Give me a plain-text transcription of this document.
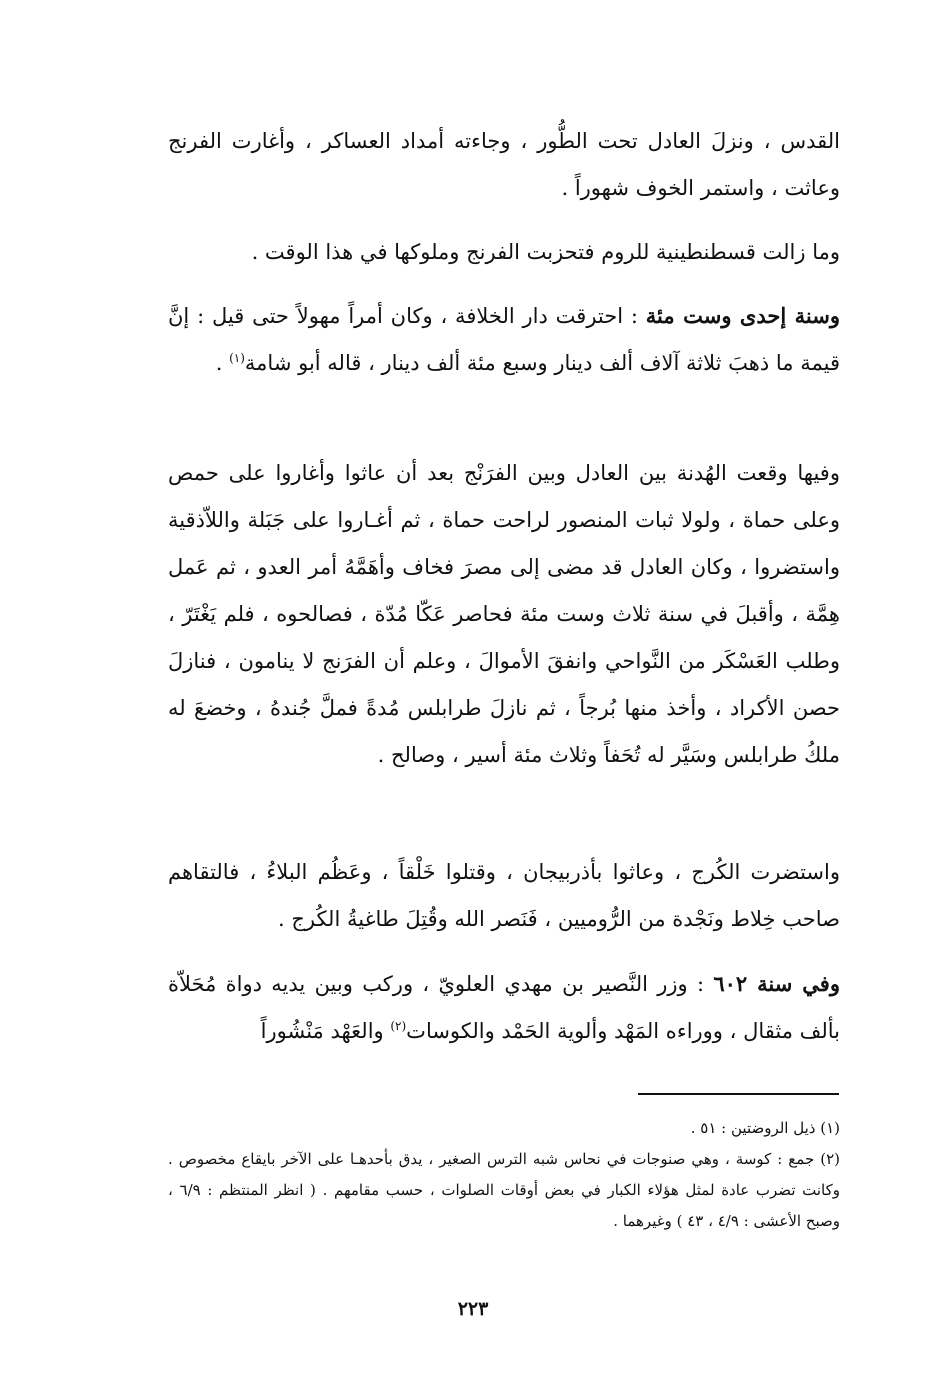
القدس ، ونزلَ العادل تحت الطُّور ، وجاءته أمداد العساكر ، وأغارت الفرنج وعاثت ، واستمر الخوف شهوراً .

وما زالت قسطنطينية للروم فتحزبت الفرنج وملوكها في هذا الوقت .

وسنة إحدى وست مئة : احترقت دار الخلافة ، وكان أمراً مهولاً حتى قيل : إنَّ قيمة ما ذهبَ ثلاثة آلاف ألف دينار وسبع مئة ألف دينار ، قاله أبو شامة$^{(١)}$ .

وفيها وقعت الهُدنة بين العادل وبين الفرَنْج بعد أن عاثوا وأغاروا على حمص وعلى حماة ، ولولا ثبات المنصور لراحت حماة ، ثم أغـاروا على جَبَلة واللاّذقية واستضروا ، وكان العادل قد مضى إلى مصرَ فخاف وأهَمَّهُ أمر العدو ، ثم عَمل هِمَّة ، وأقبلَ في سنة ثلاث وست مئة فحاصر عَكّا مُدّة ، فصالحوه ، فلم يَغْتَرّ ، وطلب العَسْكَر من النَّواحي وانفقَ الأموالَ ، وعلم أن الفرَنج لا ينامون ، فنازلَ حصن الأكراد ، وأخذ منها بُرجاً ، ثم نازلَ طرابلس مُدةً فملَّ جُندهُ ، وخضعَ له ملكُ طرابلس وسَيَّر له تُحَفاً وثلاث مئة أسير ، وصالح .

واستضرت الكُرج ، وعاثوا بأذربيجان ، وقتلوا خَلْقاً ، وعَظُم البلاءُ ، فالتقاهم صاحب خِلاط ونَجْدة من الرُّوميين ، فَنَصر الله وقُتِلَ طاغيةُ الكُرج .

وفي سنة ٦٠٢ : وزر النَّصير بن مهدي العلويّ ، وركب وبين يديه دواة مُحَلاّة بألف مثقال ، ووراءه المَهْد وألوية الحَمْد والكوسات$^{(٢)}$ والعَهْد مَنْشُوراً

(١) ذيل الروضتين : ٥١ .

(٢) جمع : كوسة ، وهي صنوجات في نحاس شبه الترس الصغير ، يدق بأحدهـا على الآخر بايقاع مخصوص . وكانت تضرب عادة لمثل هؤلاء الكبار في بعض أوقات الصلوات ، حسب مقامهم . ( انظر المنتظم : ٦/٩ ، وصبح الأعشى : ٤/٩ ، ٤٣ ) وغيرهما .

٢٢٣
